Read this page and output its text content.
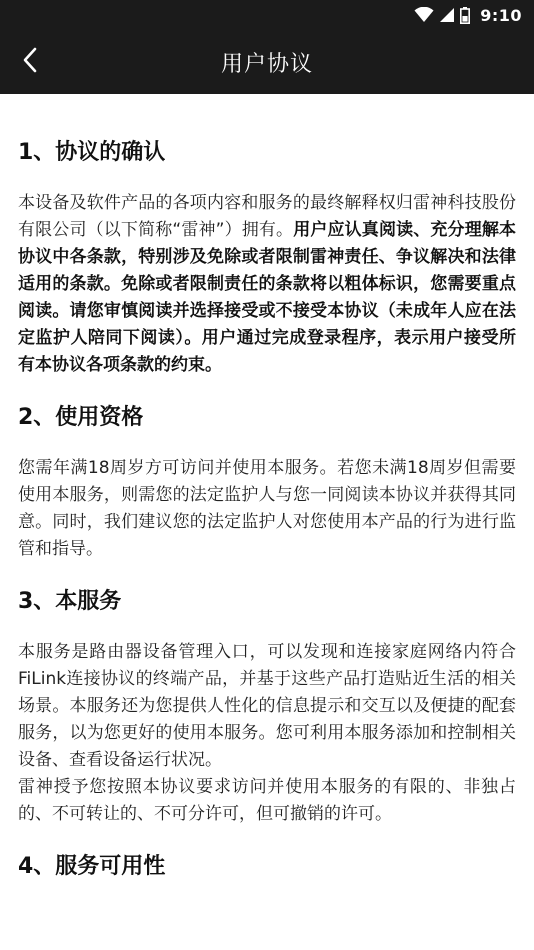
9:10
用户协议
1、协议的确认

本设备及软件产品的各项内容和服务的最终解释权归雷神科技股份有限公司（以下简称“雷神”）拥有。用户应认真阅读、充分理解本协议中各条款，特别涉及免除或者限制雷神责任、争议解决和法律适用的条款。免除或者限制责任的条款将以粗体标识，您需要重点阅读。请您审慎阅读并选择接受或不接受本协议（未成年人应在法定监护人陪同下阅读）。用户通过完成登录程序，表示用户接受所有本协议各项条款的约束。

2、使用资格

您需年满18周岁方可访问并使用本服务。若您未满18周岁但需要使用本服务，则需您的法定监护人与您一同阅读本协议并获得其同意。同时，我们建议您的法定监护人对您使用本产品的行为进行监管和指导。

3、本服务

本服务是路由器设备管理入口，可以发现和连接家庭网络内符合FiLink连接协议的终端产品，并基于这些产品打造贴近生活的相关场景。本服务还为您提供人性化的信息提示和交互以及便捷的配套服务，以为您更好的使用本服务。您可利用本服务添加和控制相关设备、查看设备运行状况。
雷神授予您按照本协议要求访问并使用本服务的有限的、非独占的、不可转让的、不可分许可，但可撤销的许可。

4、服务可用性
